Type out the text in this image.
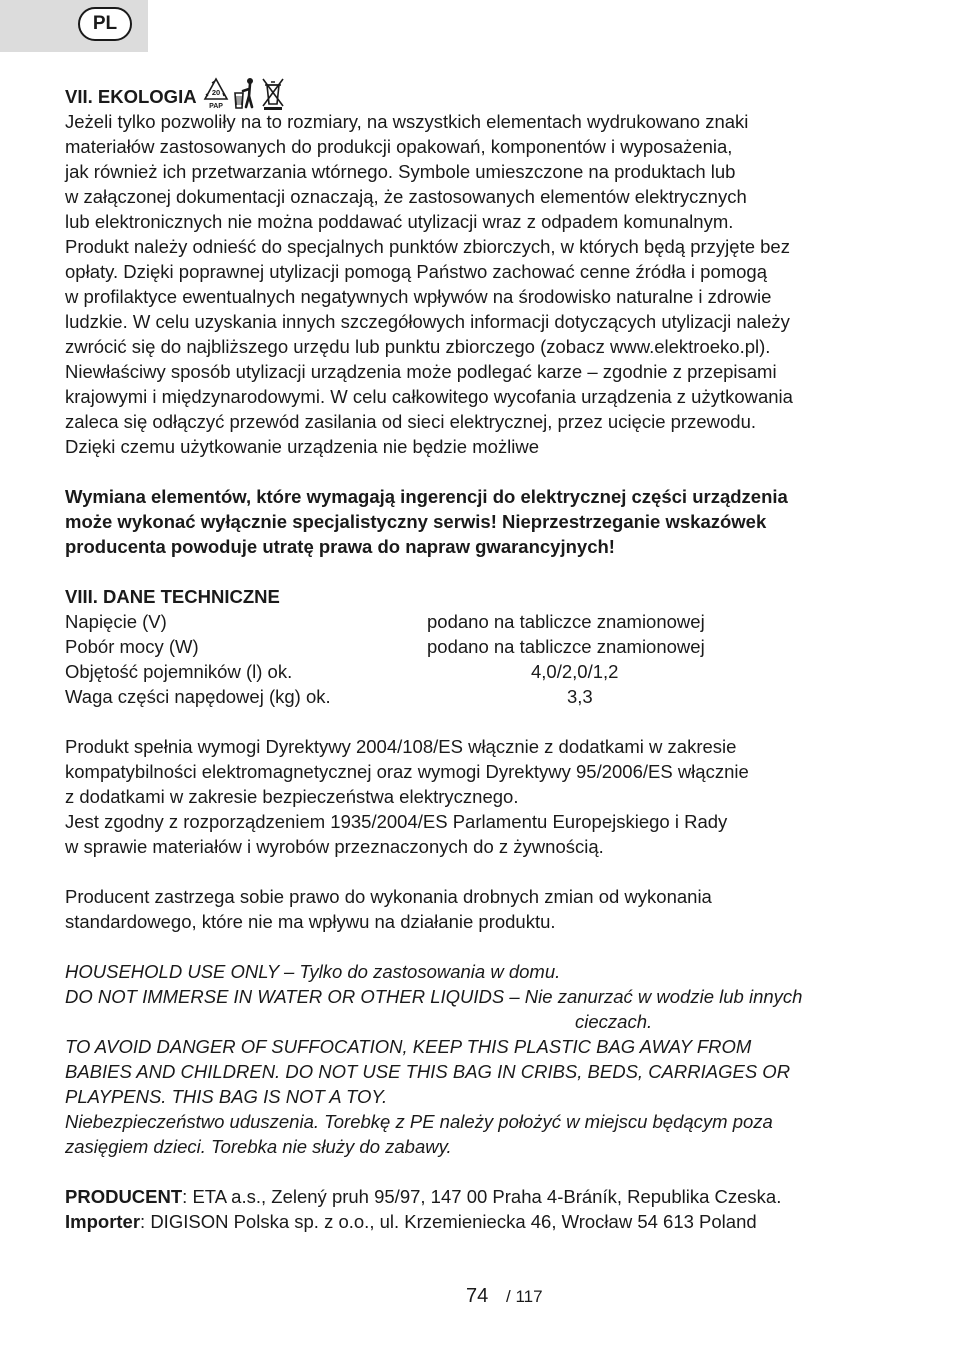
PL
VII. EKOLOGIA 20
PAP
Jeżeli tylko pozwoliły na to rozmiary, na wszystkich elementach wydrukowano znaki
materiałów zastosowanych do produkcji opakowań, komponentów i wyposażenia,
jak również ich przetwarzania wtórnego. Symbole umieszczone na produktach lub
w załączonej dokumentacji oznaczają, że zastosowanych elementów elektrycznych
lub elektronicznych nie można poddawać utylizacji wraz z odpadem komunalnym.
Produkt należy odnieść do specjalnych punktów zbiorczych, w których będą przyjęte bez
opłaty. Dzięki poprawnej utylizacji pomogą Państwo zachować cenne źródła i pomogą
w profilaktyce ewentualnych negatywnych wpływów na środowisko naturalne i zdrowie
ludzkie. W celu uzyskania innych szczegółowych informacji dotyczących utylizacji należy
zwrócić się do najbliższego urzędu lub punktu zbiorczego (zobacz www.elektroeko.pl).
Niewłaściwy sposób utylizacji urządzenia może podlegać karze – zgodnie z przepisami
krajowymi i międzynarodowymi. W celu całkowitego wycofania urządzenia z użytkowania
zaleca się odłączyć przewód zasilania od sieci elektrycznej, przez ucięcie przewodu.
Dzięki czemu użytkowanie urządzenia nie będzie możliwe
Wymiana elementów, które wymagają ingerencji do elektrycznej części urządzenia
może wykonać wyłącznie specjalistyczny serwis! Nieprzestrzeganie wskazówek
producenta powoduje utratę prawa do napraw gwarancyjnych!
VIII. DANE TECHNICZNE
Napięcie (V)	podano na tabliczce znamionowej
Pobór mocy (W)	podano na tabliczce znamionowej
Objętość pojemników (l) ok.	4,0/2,0/1,2
Waga części napędowej (kg) ok.	3,3
Produkt spełnia wymogi Dyrektywy 2004/108/ES włącznie z dodatkami w zakresie
kompatybilności elektromagnetycznej oraz wymogi Dyrektywy 95/2006/ES włącznie
z dodatkami w zakresie bezpieczeństwa elektrycznego.
Jest zgodny z rozporządzeniem 1935/2004/ES Parlamentu Europejskiego i Rady
w sprawie materiałów i wyrobów przeznaczonych do z żywnością.
Producent zastrzega sobie prawo do wykonania drobnych zmian od wykonania
standardowego, które nie ma wpływu na działanie produktu.
HOUSEHOLD USE ONLY – Tylko do zastosowania w domu.
DO NOT IMMERSE IN WATER OR OTHER LIQUIDS – Nie zanurzać w wodzie lub innych
cieczach.
TO AVOID DANGER OF SUFFOCATION, KEEP THIS PLASTIC BAG AWAY FROM
BABIES AND CHILDREN. DO NOT USE THIS BAG IN CRIBS, BEDS, CARRIAGES OR
PLAYPENS. THIS BAG IS NOT A TOY.
Niebezpieczeństwo uduszenia. Torebkę z PE należy położyć w miejscu będącym poza
zasięgiem dzieci. Torebka nie służy do zabawy.
PRODUCENT: ETA a.s., Zelený pruh 95/97, 147 00 Praha 4-Bráník, Republika Czeska.
Importer: DIGISON Polska sp. z o.o., ul. Krzemieniecka 46, Wrocław 54 613 Poland
74 / 117
